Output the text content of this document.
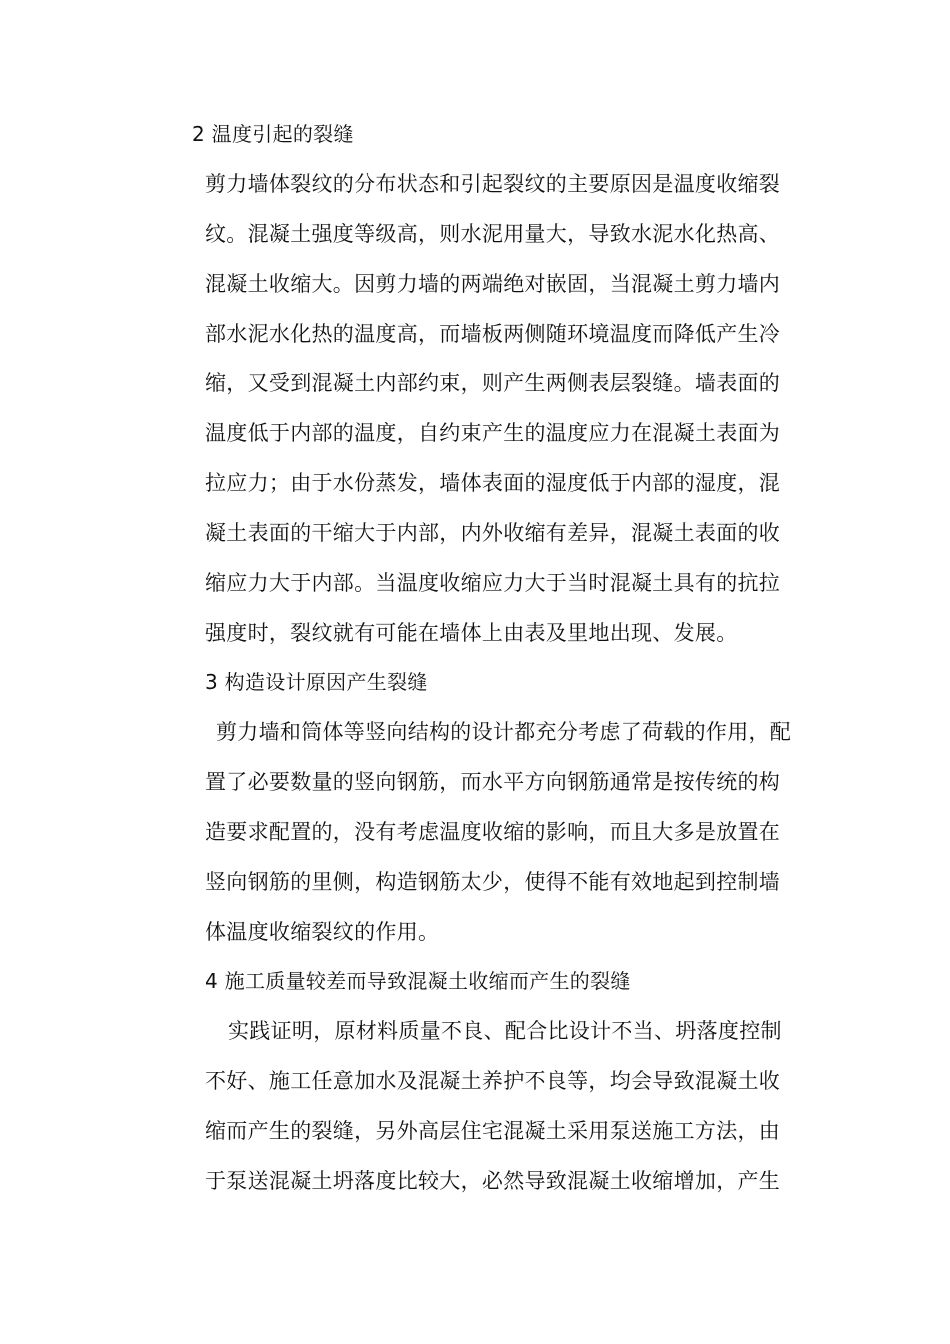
2 温度引起的裂缝
剪力墙体裂纹的分布状态和引起裂纹的主要原因是温度收缩裂
纹。混凝土强度等级高，则水泥用量大，导致水泥水化热高、
混凝土收缩大。因剪力墙的两端绝对嵌固，当混凝土剪力墙内
部水泥水化热的温度高，而墙板两侧随环境温度而降低产生冷
缩，又受到混凝土内部约束，则产生两侧表层裂缝。墙表面的
温度低于内部的温度，自约束产生的温度应力在混凝土表面为
拉应力；由于水份蒸发，墙体表面的湿度低于内部的湿度，混
凝土表面的干缩大于内部，内外收缩有差异，混凝土表面的收
缩应力大于内部。当温度收缩应力大于当时混凝土具有的抗拉
强度时，裂纹就有可能在墙体上由表及里地出现、发展。
3 构造设计原因产生裂缝
剪力墙和筒体等竖向结构的设计都充分考虑了荷载的作用，配
置了必要数量的竖向钢筋，而水平方向钢筋通常是按传统的构
造要求配置的，没有考虑温度收缩的影响，而且大多是放置在
竖向钢筋的里侧，构造钢筋太少，使得不能有效地起到控制墙
体温度收缩裂纹的作用。
4 施工质量较差而导致混凝土收缩而产生的裂缝
实践证明，原材料质量不良、配合比设计不当、坍落度控制
不好、施工任意加水及混凝土养护不良等，均会导致混凝土收
缩而产生的裂缝，另外高层住宅混凝土采用泵送施工方法，由
于泵送混凝土坍落度比较大，必然导致混凝土收缩增加，产生
